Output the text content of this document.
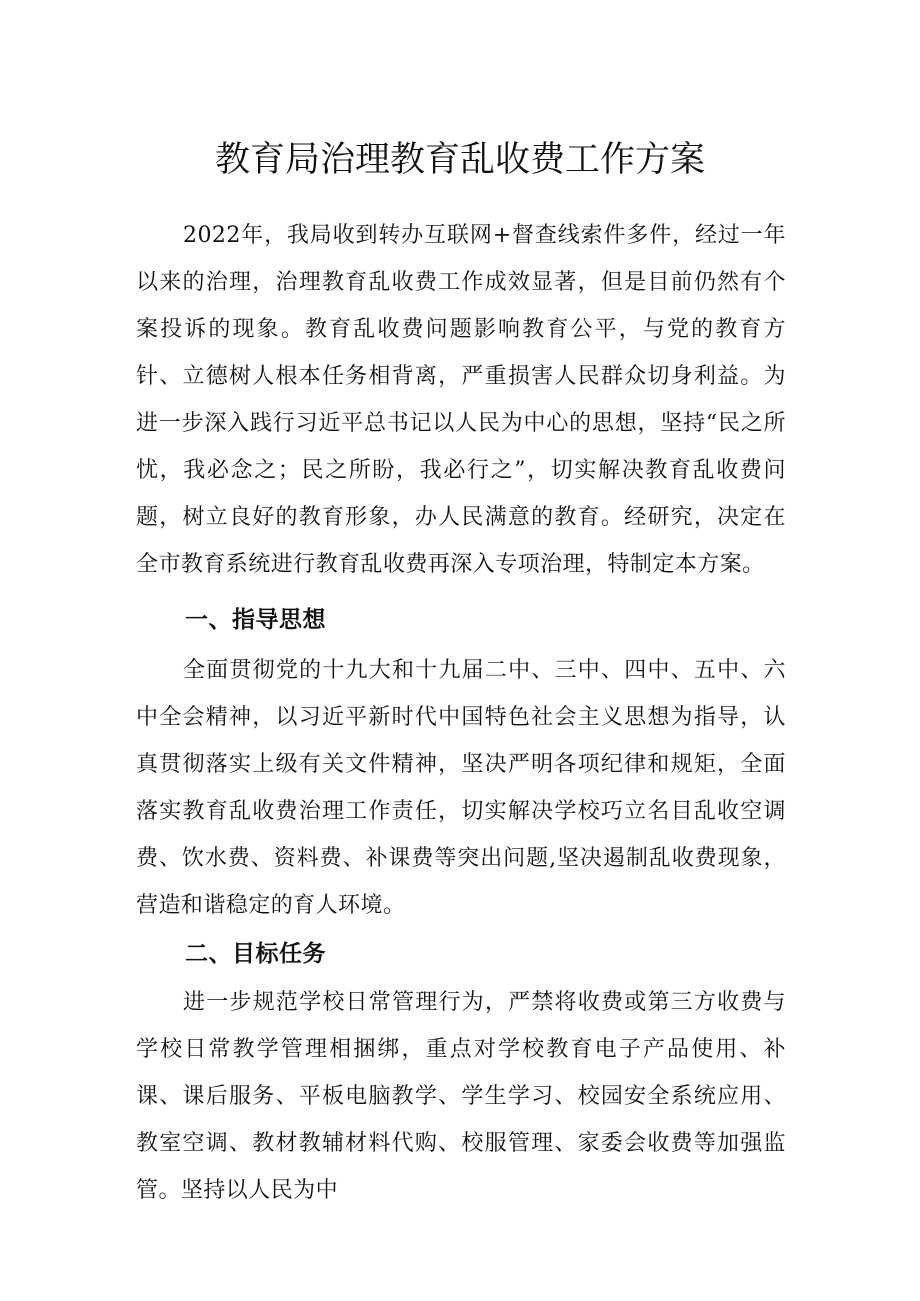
教育局治理教育乱收费工作方案

2022年，我局收到转办互联网+督查线索件多件，经过一年以来的治理，治理教育乱收费工作成效显著，但是目前仍然有个案投诉的现象。教育乱收费问题影响教育公平，与党的教育方针、立德树人根本任务相背离，严重损害人民群众切身利益。为进一步深入践行习近平总书记以人民为中心的思想，坚持“民之所忧，我必念之；民之所盼，我必行之”，切实解决教育乱收费问题，树立良好的教育形象，办人民满意的教育。经研究，决定在全市教育系统进行教育乱收费再深入专项治理，特制定本方案。

一、指导思想

全面贯彻党的十九大和十九届二中、三中、四中、五中、六中全会精神，以习近平新时代中国特色社会主义思想为指导，认真贯彻落实上级有关文件精神，坚决严明各项纪律和规矩，全面落实教育乱收费治理工作责任，切实解决学校巧立名目乱收空调费、饮水费、资料费、补课费等突出问题,坚决遏制乱收费现象，营造和谐稳定的育人环境。

二、目标任务

进一步规范学校日常管理行为，严禁将收费或第三方收费与学校日常教学管理相捆绑，重点对学校教育电子产品使用、补课、课后服务、平板电脑教学、学生学习、校园安全系统应用、教室空调、教材教辅材料代购、校服管理、家委会收费等加强监管。坚持以人民为中
